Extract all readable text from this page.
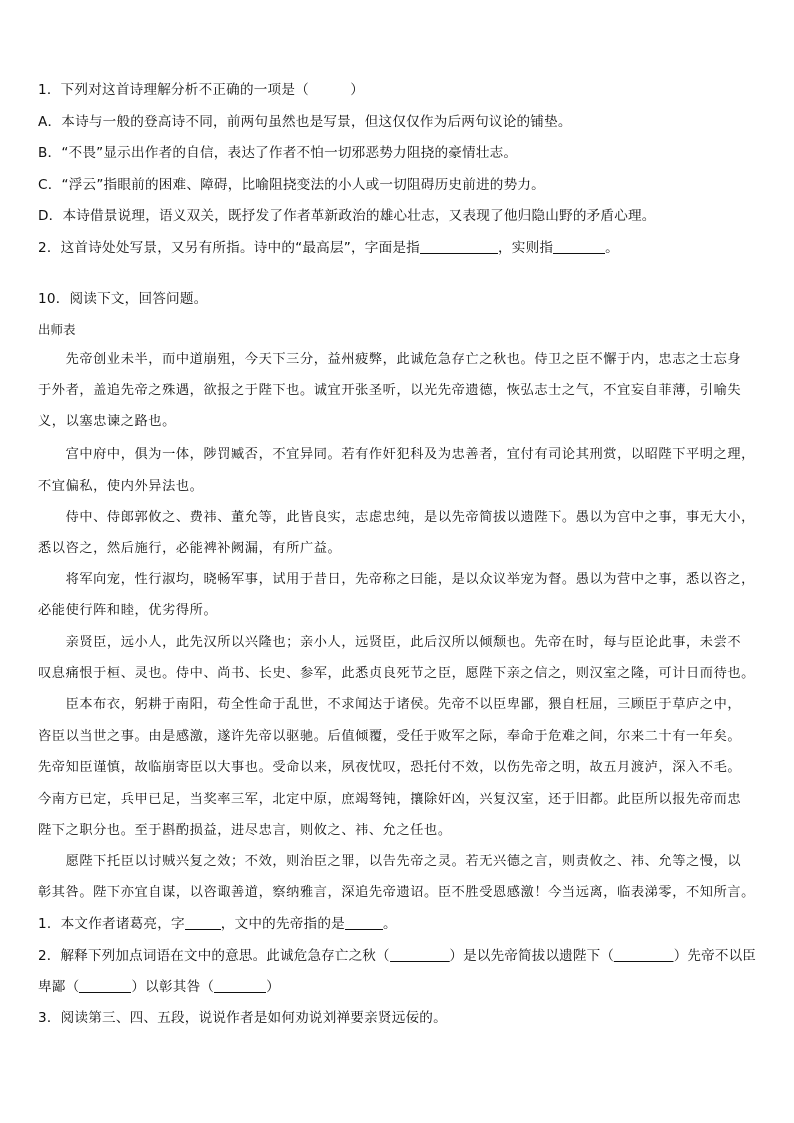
1．下列对这首诗理解分析不正确的一项是（　　　）
A．本诗与一般的登高诗不同，前两句虽然也是写景，但这仅仅作为后两句议论的铺垫。
B．“不畏”显示出作者的自信，表达了作者不怕一切邪恶势力阻挠的豪情壮志。
C．“浮云”指眼前的困难、障碍，比喻阻挠变法的小人或一切阻碍历史前进的势力。
D．本诗借景说理，语义双关，既抒发了作者革新政治的雄心壮志，又表现了他归隐山野的矛盾心理。
2．这首诗处处写景，又另有所指。诗中的“最高层”，字面是指	，实则指	。
10．阅读下文，回答问题。
出师表
　　先帝创业未半，而中道崩殂，今天下三分，益州疲弊，此诚危急存亡之秋也。侍卫之臣不懈于内，忠志之士忘身
于外者，盖追先帝之殊遇，欲报之于陛下也。诚宜开张圣听，以光先帝遗德，恢弘志士之气，不宜妄自菲薄，引喻失
义，以塞忠谏之路也。
　　宫中府中，俱为一体，陟罚臧否，不宜异同。若有作奸犯科及为忠善者，宜付有司论其刑赏，以昭陛下平明之理，
不宜偏私，使内外异法也。
　　侍中、侍郎郭攸之、费祎、董允等，此皆良实，志虑忠纯，是以先帝简拔以遗陛下。愚以为宫中之事，事无大小，
悉以咨之，然后施行，必能裨补阙漏，有所广益。
　　将军向宠，性行淑均，晓畅军事，试用于昔日，先帝称之曰能，是以众议举宠为督。愚以为营中之事，悉以咨之，
必能使行阵和睦，优劣得所。
　　亲贤臣，远小人，此先汉所以兴隆也；亲小人，远贤臣，此后汉所以倾颓也。先帝在时，每与臣论此事，未尝不
叹息痛恨于桓、灵也。侍中、尚书、长史、参军，此悉贞良死节之臣，愿陛下亲之信之，则汉室之隆，可计日而待也。
　　臣本布衣，躬耕于南阳，苟全性命于乱世，不求闻达于诸侯。先帝不以臣卑鄙，猥自枉屈，三顾臣于草庐之中，
咨臣以当世之事。由是感激，遂许先帝以驱驰。后值倾覆，受任于败军之际，奉命于危难之间，尔来二十有一年矣。
先帝知臣谨慎，故临崩寄臣以大事也。受命以来，夙夜忧叹，恐托付不效，以伤先帝之明，故五月渡泸，深入不毛。
今南方已定，兵甲已足，当奖率三军，北定中原，庶竭驽钝，攘除奸凶，兴复汉室，还于旧都。此臣所以报先帝而忠
陛下之职分也。至于斟酌损益，进尽忠言，则攸之、祎、允之任也。
　　愿陛下托臣以讨贼兴复之效；不效，则治臣之罪，以告先帝之灵。若无兴德之言，则责攸之、祎、允等之慢，以
彰其咎。陛下亦宜自谋，以咨诹善道，察纳雅言，深追先帝遗诏。臣不胜受恩感激！今当远离，临表涕零，不知所言。
1．本文作者诸葛亮，字	，文中的先帝指的是	。
2．解释下列加点词语在文中的意思。此诚危急存亡之秋（	）是以先帝简拔以遗陛下（	）先帝不以臣
卑鄙（	）以彰其咎（	）
3．阅读第三、四、五段，说说作者是如何劝说刘禅要亲贤远佞的。
